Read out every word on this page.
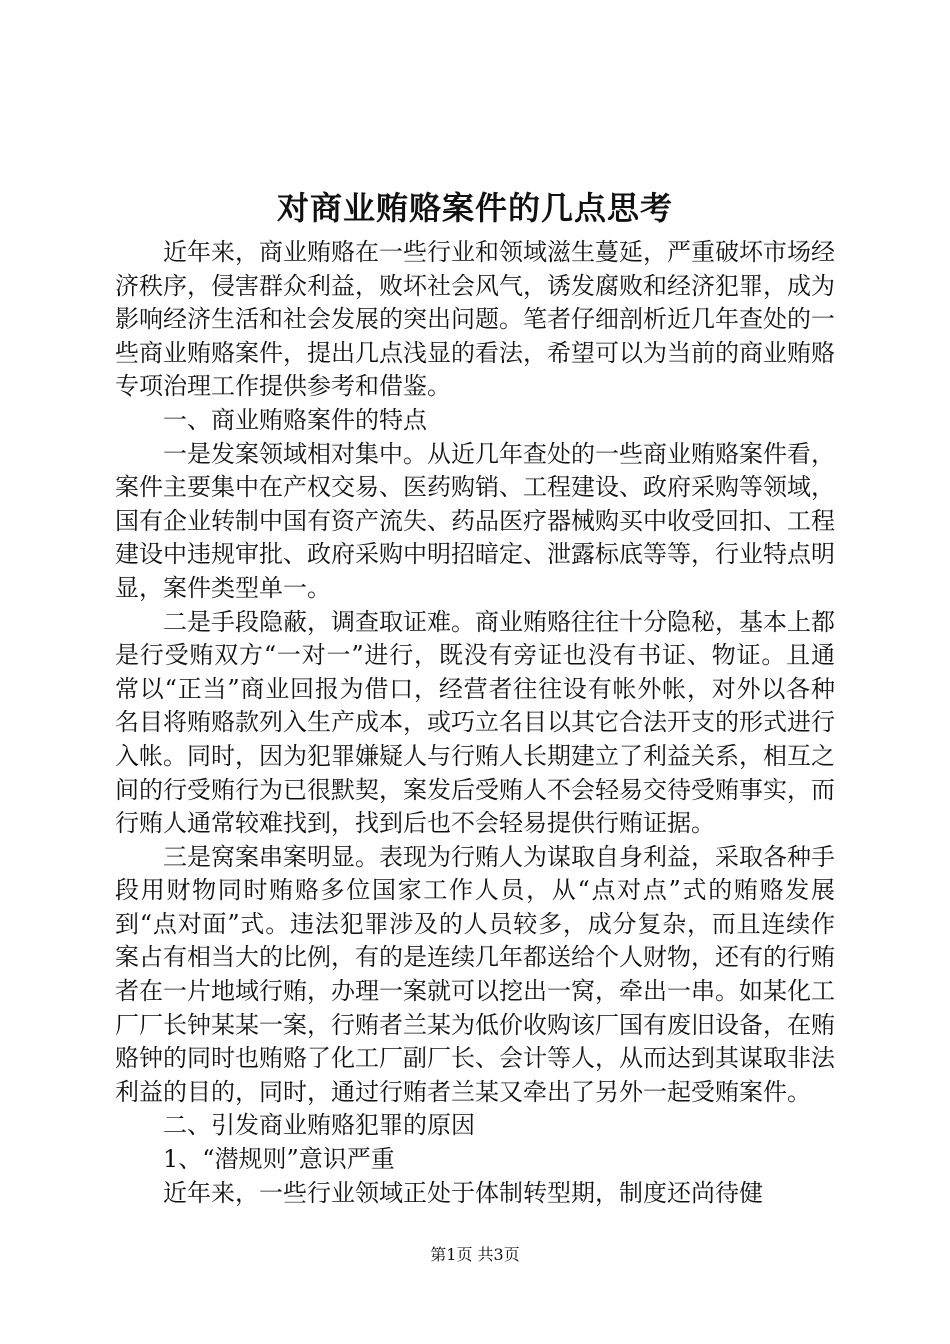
对商业贿赂案件的几点思考

近年来，商业贿赂在一些行业和领域滋生蔓延，严重破坏市场经济秩序，侵害群众利益，败坏社会风气，诱发腐败和经济犯罪，成为影响经济生活和社会发展的突出问题。笔者仔细剖析近几年查处的一些商业贿赂案件，提出几点浅显的看法，希望可以为当前的商业贿赂专项治理工作提供参考和借鉴。

一、商业贿赂案件的特点

一是发案领域相对集中。从近几年查处的一些商业贿赂案件看，案件主要集中在产权交易、医药购销、工程建设、政府采购等领域，国有企业转制中国有资产流失、药品医疗器械购买中收受回扣、工程建设中违规审批、政府采购中明招暗定、泄露标底等等，行业特点明显，案件类型单一。

二是手段隐蔽，调查取证难。商业贿赂往往十分隐秘，基本上都是行受贿双方“一对一”进行，既没有旁证也没有书证、物证。且通常以“正当”商业回报为借口，经营者往往设有帐外帐，对外以各种名目将贿赂款列入生产成本，或巧立名目以其它合法开支的形式进行入帐。同时，因为犯罪嫌疑人与行贿人长期建立了利益关系，相互之间的行受贿行为已很默契，案发后受贿人不会轻易交待受贿事实，而行贿人通常较难找到，找到后也不会轻易提供行贿证据。

三是窝案串案明显。表现为行贿人为谋取自身利益，采取各种手段用财物同时贿赂多位国家工作人员，从“点对点”式的贿赂发展到“点对面”式。违法犯罪涉及的人员较多，成分复杂，而且连续作案占有相当大的比例，有的是连续几年都送给个人财物，还有的行贿者在一片地域行贿，办理一案就可以挖出一窝，牵出一串。如某化工厂厂长钟某某一案，行贿者兰某为低价收购该厂国有废旧设备，在贿赂钟的同时也贿赂了化工厂副厂长、会计等人，从而达到其谋取非法利益的目的，同时，通过行贿者兰某又牵出了另外一起受贿案件。

二、引发商业贿赂犯罪的原因

1、“潜规则”意识严重

近年来，一些行业领域正处于体制转型期，制度还尚待健

第1页 共3页
